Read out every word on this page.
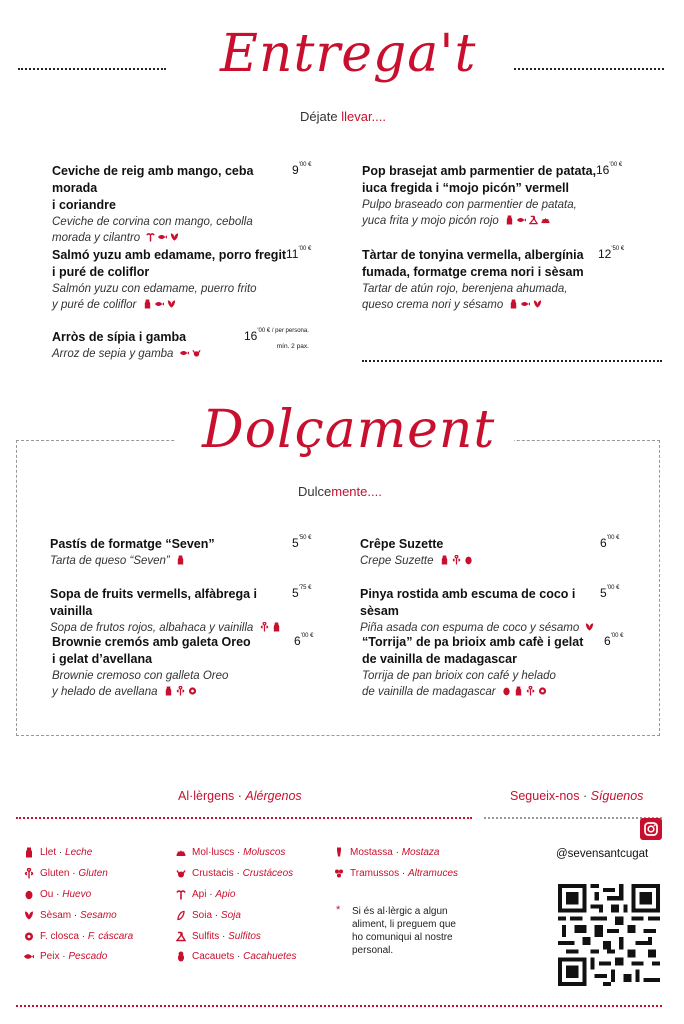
Entrega't
Déjate llevar....
Ceviche de reig amb mango, ceba morada
i coriandre
Ceviche de corvina con mango, cebolla
morada y cilantro
$9^{'00 €}$
Salmó yuzu amb edamame, porro fregit
i puré de coliflor
Salmón yuzu con edamame, puerro frito
y puré de coliflor
$11^{'00 €}$
Arròs de sípia i gamba
Arroz de sepia y gamba
$16^{'00 € / per persona.}$
mín. 2 pax.
Pop brasejat amb parmentier de patata,
iuca fregida i “mojo picón” vermell
Pulpo braseado con parmentier de patata,
yuca frita y mojo picón rojo
$16^{'00 €}$
Tàrtar de tonyina vermella, albergínia
fumada, formatge crema nori i sèsam
Tartar de atún rojo, berenjena ahumada,
queso crema nori y sésamo
$12^{'50 €}$
Dolçament
Dulcemente....
Pastís de formatge “Seven”
Tarta de queso “Seven”
$5^{'50 €}$
Sopa de fruits vermells, alfàbrega i vainilla
Sopa de frutos rojos, albahaca y vainilla
$5^{'75 €}$
Brownie cremós amb galeta Oreo
i gelat d’avellana
Brownie cremoso con galleta Oreo
y helado de avellana
$6^{'00 €}$
Crêpe Suzette
Crepe Suzette
$6^{'00 €}$
Pinya rostida amb escuma de coco i sèsam
Piña asada con espuma de coco y sésamo
$5^{'00 €}$
“Torrija” de pa brioix amb cafè i gelat
de vainilla de madagascar
Torrija de pan brioix con café y helado
de vainilla de madagascar
$6^{'00 €}$
Al·lèrgens · Alérgenos
Llet · Leche
Gluten · Gluten
Ou · Huevo
Sèsam · Sesamo
F. closca · F. cáscara
Peix · Pescado
Mol·luscs · Moluscos
Crustacis · Crustáceos
Api · Apio
Soia · Soja
Sulfits · Sulfitos
Cacauets · Cacahuetes
Mostassa · Mostaza
Tramussos · Altramuces
* Si és al·lèrgic a algun
aliment, li preguem que
ho comuniqui al nostre
personal.
Segueix-nos · Síguenos
@sevensantcugat
